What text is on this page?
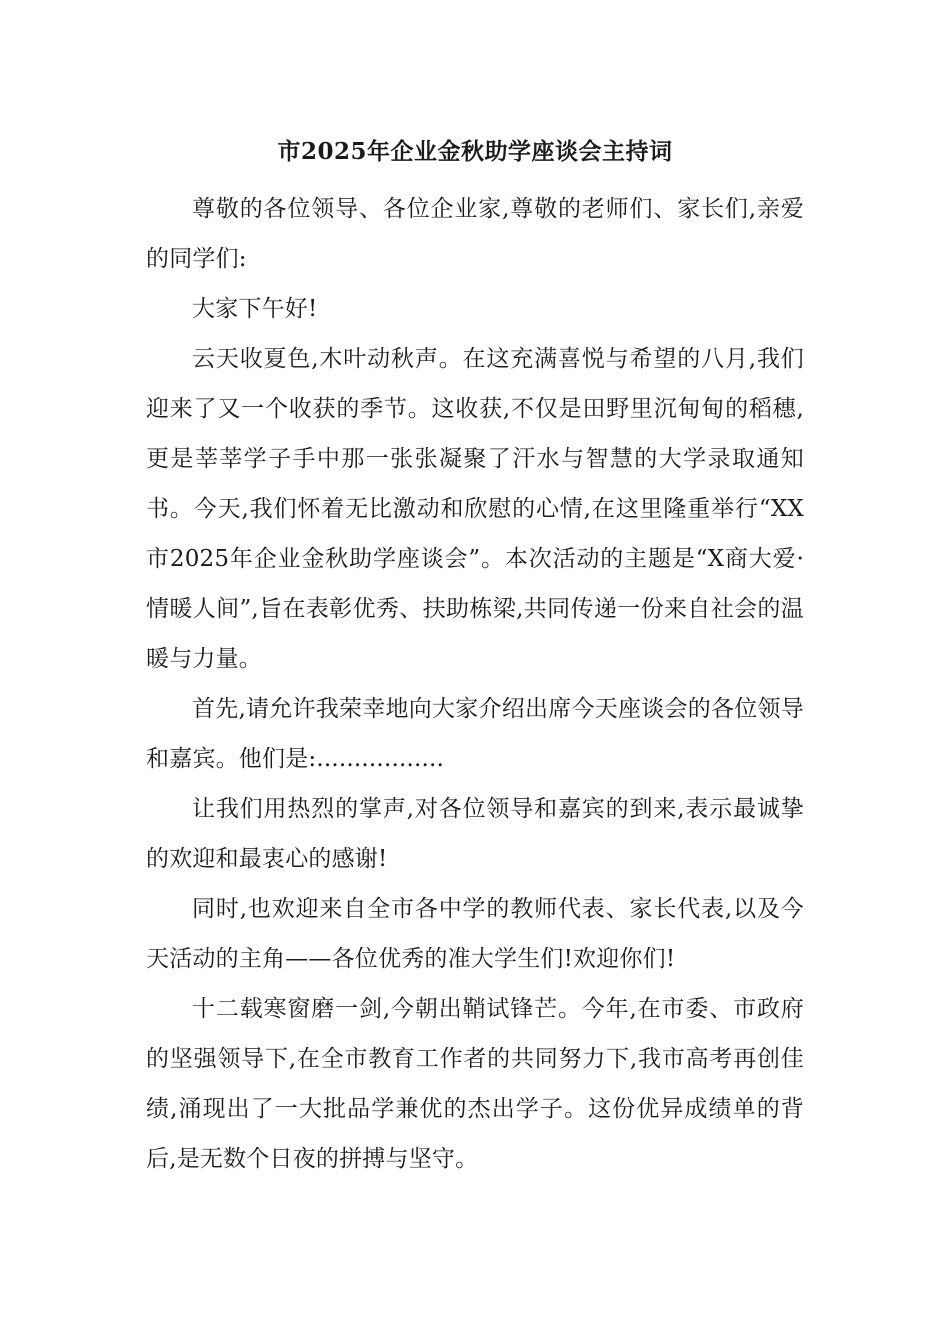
市2025年企业金秋助学座谈会主持词

尊敬的各位领导、各位企业家,尊敬的老师们、家长们,亲爱的同学们:

大家下午好!

云天收夏色,木叶动秋声。在这充满喜悦与希望的八月,我们迎来了又一个收获的季节。这收获,不仅是田野里沉甸甸的稻穗,更是莘莘学子手中那一张张凝聚了汗水与智慧的大学录取通知书。今天,我们怀着无比激动和欣慰的心情,在这里隆重举行“XX市2025年企业金秋助学座谈会”。本次活动的主题是“X商大爱·情暖人间”,旨在表彰优秀、扶助栋梁,共同传递一份来自社会的温暖与力量。

首先,请允许我荣幸地向大家介绍出席今天座谈会的各位领导和嘉宾。他们是:.................

让我们用热烈的掌声,对各位领导和嘉宾的到来,表示最诚挚的欢迎和最衷心的感谢!

同时,也欢迎来自全市各中学的教师代表、家长代表,以及今天活动的主角——各位优秀的准大学生们!欢迎你们!

十二载寒窗磨一剑,今朝出鞘试锋芒。今年,在市委、市政府的坚强领导下,在全市教育工作者的共同努力下,我市高考再创佳绩,涌现出了一大批品学兼优的杰出学子。这份优异成绩单的背后,是无数个日夜的拼搏与坚守。
